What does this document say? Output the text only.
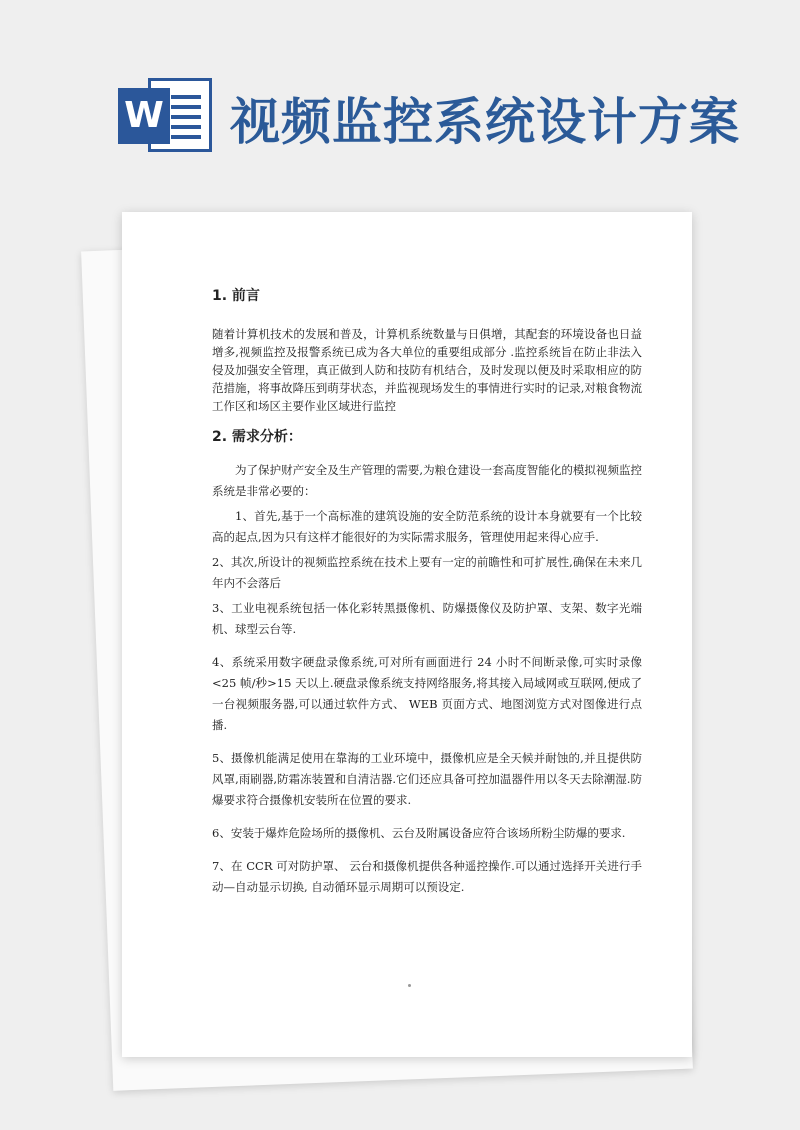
W 视频监控系统设计方案

1. 前言

随着计算机技术的发展和普及，计算机系统数量与日俱增，其配套的环境设备也日益增多,视频监控及报警系统已成为各大单位的重要组成部分 .监控系统旨在防止非法入侵及加强安全管理，真正做到人防和技防有机结合，及时发现以便及时采取相应的防范措施，将事故降压到萌芽状态，并监视现场发生的事情进行实时的记录,对粮食物流工作区和场区主要作业区域进行监控

2. 需求分析：

为了保护财产安全及生产管理的需要,为粮仓建设一套高度智能化的模拟视频监控系统是非常必要的：

1、首先,基于一个高标准的建筑设施的安全防范系统的设计本身就要有一个比较高的起点,因为只有这样才能很好的为实际需求服务，管理使用起来得心应手.

2、其次,所设计的视频监控系统在技术上要有一定的前瞻性和可扩展性,确保在未来几年内不会落后

3、工业电视系统包括一体化彩转黑摄像机、防爆摄像仪及防护罩、支架、数字光端机、球型云台等.

4、系统采用数字硬盘录像系统,可对所有画面进行 24 小时不间断录像,可实时录像<25 帧/秒>15 天以上.硬盘录像系统支持网络服务,将其接入局域网或互联网,便成了一台视频服务器,可以通过软件方式、 WEB 页面方式、地图浏览方式对图像进行点播.

5、摄像机能满足使用在靠海的工业环境中，摄像机应是全天候并耐蚀的,并且提供防风罩,雨刷器,防霜冻装置和自清洁器.它们还应具备可控加温器件用以冬天去除潮湿.防爆要求符合摄像机安装所在位置的要求.

6、安装于爆炸危险场所的摄像机、云台及附属设备应符合该场所粉尘防爆的要求.

7、在 CCR 可对防护罩、 云台和摄像机提供各种遥控操作.可以通过选择开关进行手动—自动显示切换, 自动循环显示周期可以预设定.
